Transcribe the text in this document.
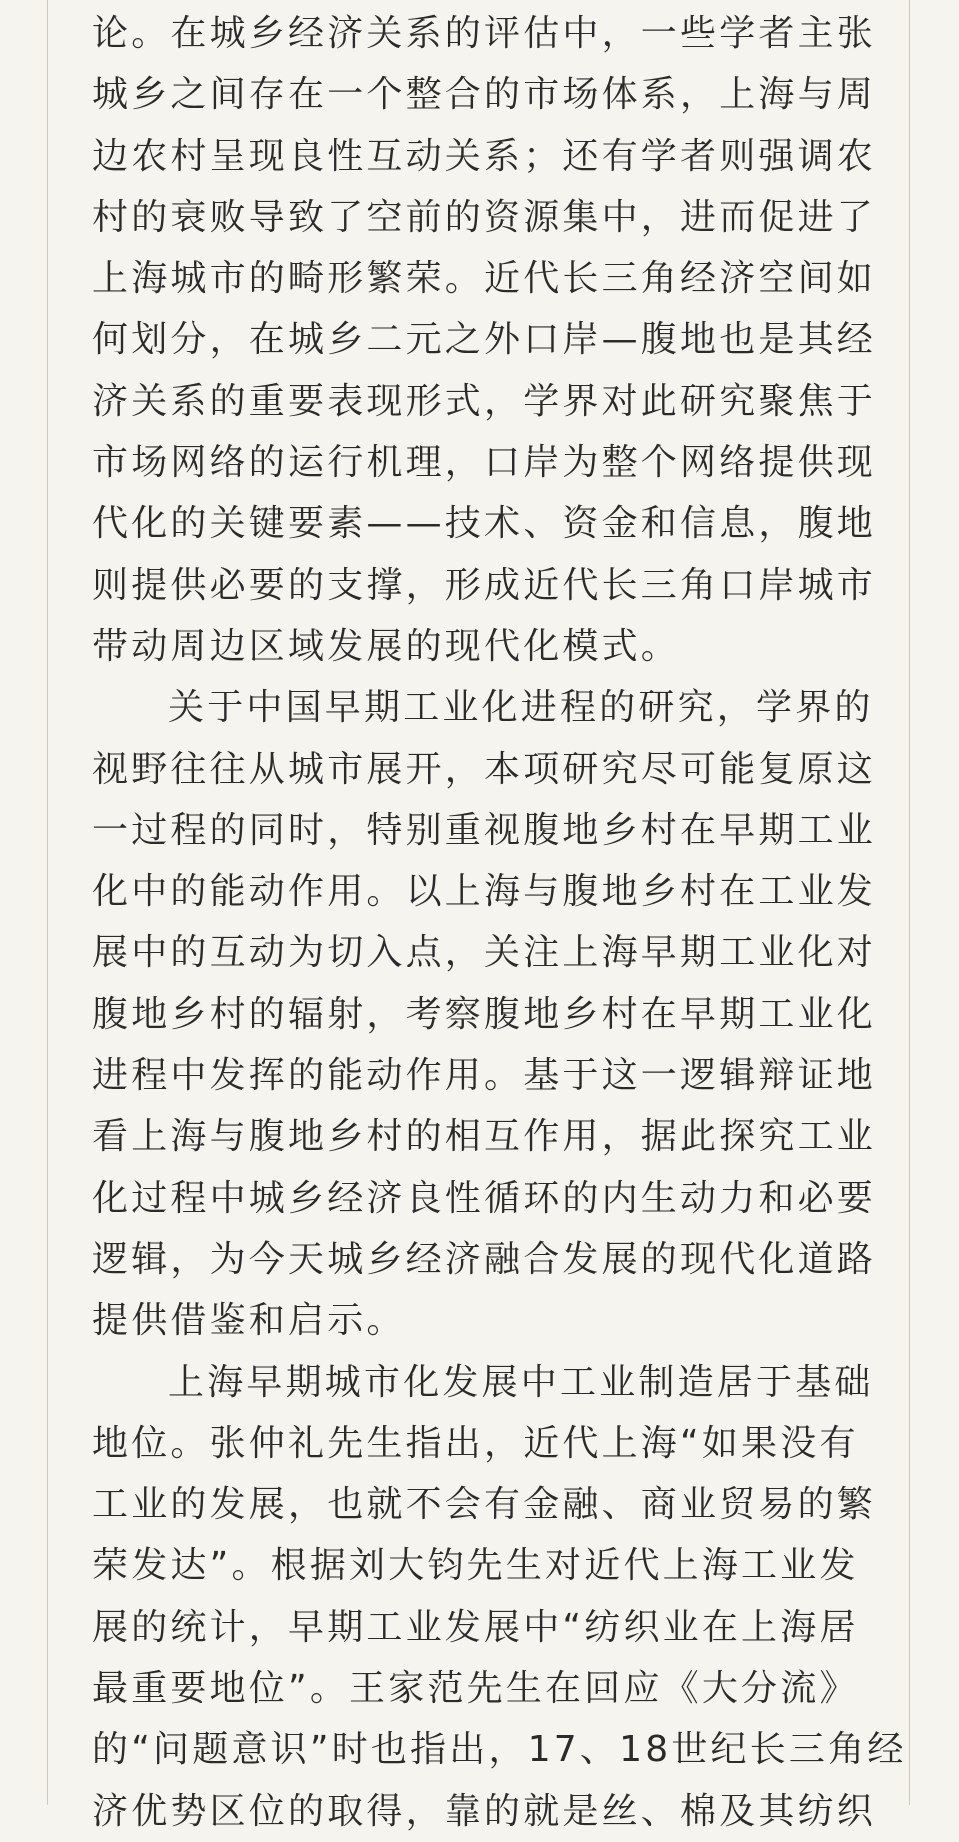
论。在城乡经济关系的评估中，一些学者主张
城乡之间存在一个整合的市场体系，上海与周
边农村呈现良性互动关系；还有学者则强调农
村的衰败导致了空前的资源集中，进而促进了
上海城市的畸形繁荣。近代长三角经济空间如
何划分，在城乡二元之外口岸—腹地也是其经
济关系的重要表现形式，学界对此研究聚焦于
市场网络的运行机理，口岸为整个网络提供现
代化的关键要素——技术、资金和信息，腹地
则提供必要的支撑，形成近代长三角口岸城市
带动周边区域发展的现代化模式。

关于中国早期工业化进程的研究，学界的
视野往往从城市展开，本项研究尽可能复原这
一过程的同时，特别重视腹地乡村在早期工业
化中的能动作用。以上海与腹地乡村在工业发
展中的互动为切入点，关注上海早期工业化对
腹地乡村的辐射，考察腹地乡村在早期工业化
进程中发挥的能动作用。基于这一逻辑辩证地
看上海与腹地乡村的相互作用，据此探究工业
化过程中城乡经济良性循环的内生动力和必要
逻辑，为今天城乡经济融合发展的现代化道路
提供借鉴和启示。

上海早期城市化发展中工业制造居于基础
地位。张仲礼先生指出，近代上海“如果没有
工业的发展，也就不会有金融、商业贸易的繁
荣发达”。根据刘大钧先生对近代上海工业发
展的统计，早期工业发展中“纺织业在上海居
最重要地位”。王家范先生在回应《大分流》
的“问题意识”时也指出，17、18世纪长三角经
济优势区位的取得，靠的就是丝、棉及其纺织
